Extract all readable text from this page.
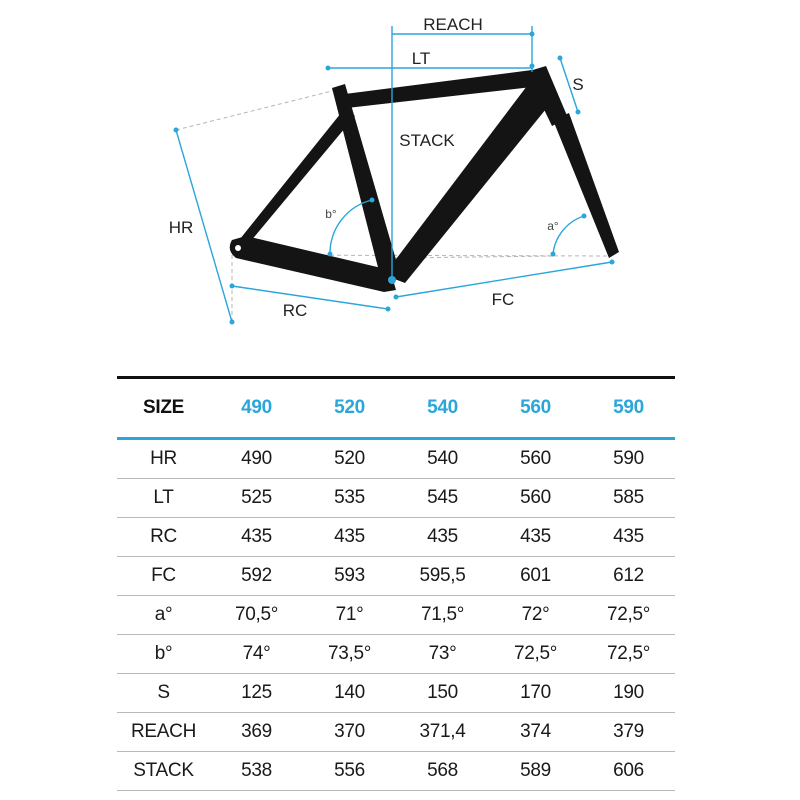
REACH
LT
S
STACK
HR
RC
FC
a°
b°
SIZE	490	520	540	560	590
HR	490	520	540	560	590
LT	525	535	545	560	585
RC	435	435	435	435	435
FC	592	593	595,5	601	612
a°	70,5°	71°	71,5°	72°	72,5°
b°	74°	73,5°	73°	72,5°	72,5°
S	125	140	150	170	190
REACH	369	370	371,4	374	379
STACK	538	556	568	589	606
